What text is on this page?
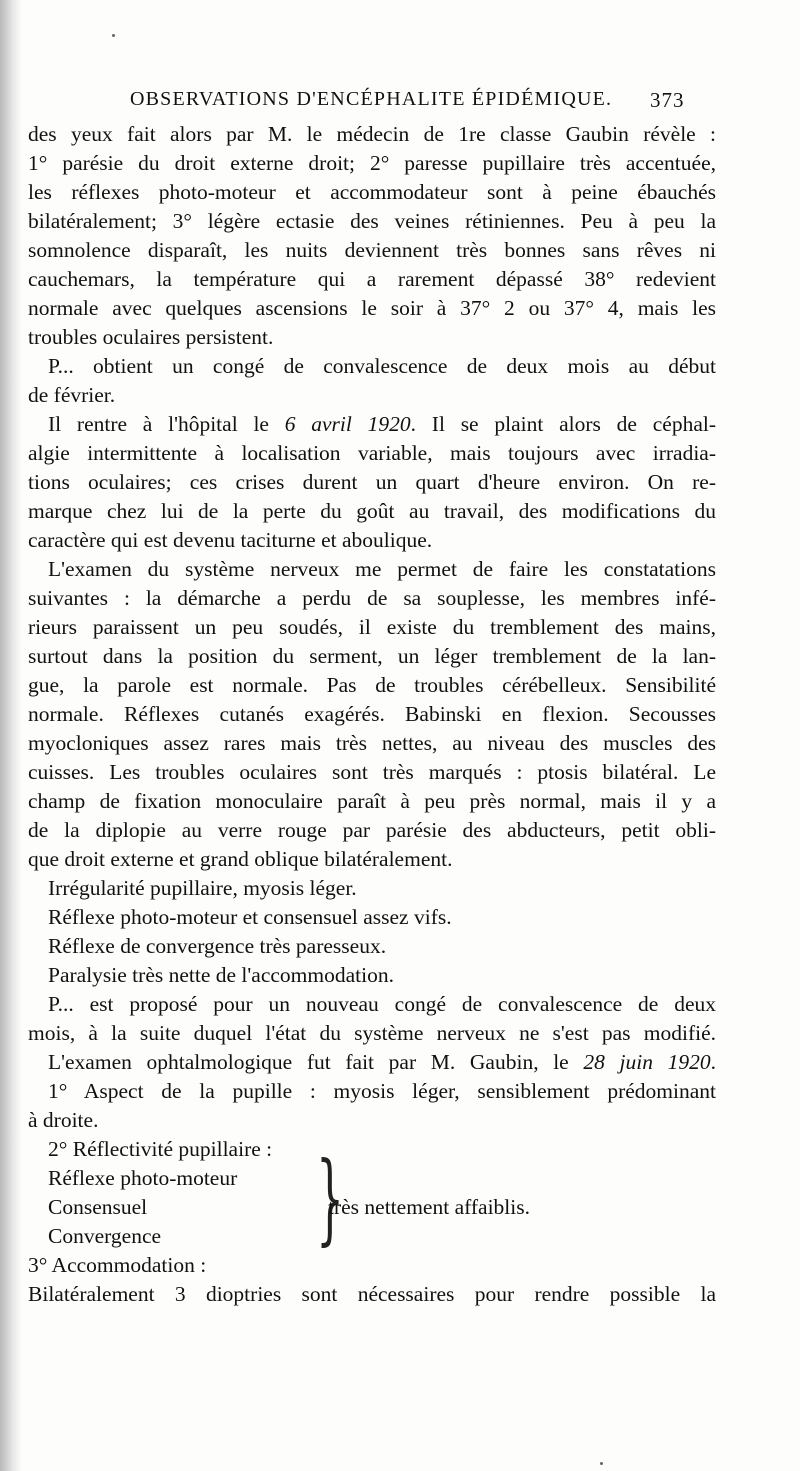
OBSERVATIONS D'ENCÉPHALITE ÉPIDÉMIQUE. 373
des yeux fait alors par M. le médecin de 1re classe Gaubin révèle :
1° parésie du droit externe droit; 2° paresse pupillaire très accentuée,
les réflexes photo-moteur et accommodateur sont à peine ébauchés
bilatéralement; 3° légère ectasie des veines rétiniennes. Peu à peu la
somnolence disparaît, les nuits deviennent très bonnes sans rêves ni
cauchemars, la température qui a rarement dépassé 38° redevient
normale avec quelques ascensions le soir à 37° 2 ou 37° 4, mais les
troubles oculaires persistent.
P... obtient un congé de convalescence de deux mois au début
de février.
Il rentre à l'hôpital le 6 avril 1920. Il se plaint alors de céphal-
algie intermittente à localisation variable, mais toujours avec irradia-
tions oculaires; ces crises durent un quart d'heure environ. On re-
marque chez lui de la perte du goût au travail, des modifications du
caractère qui est devenu taciturne et aboulique.
L'examen du système nerveux me permet de faire les constatations
suivantes : la démarche a perdu de sa souplesse, les membres infé-
rieurs paraissent un peu soudés, il existe du tremblement des mains,
surtout dans la position du serment, un léger tremblement de la lan-
gue, la parole est normale. Pas de troubles cérébelleux. Sensibilité
normale. Réflexes cutanés exagérés. Babinski en flexion. Secousses
myocloniques assez rares mais très nettes, au niveau des muscles des
cuisses. Les troubles oculaires sont très marqués : ptosis bilatéral. Le
champ de fixation monoculaire paraît à peu près normal, mais il y a
de la diplopie au verre rouge par parésie des abducteurs, petit obli-
que droit externe et grand oblique bilatéralement.
Irrégularité pupillaire, myosis léger.
Réflexe photo-moteur et consensuel assez vifs.
Réflexe de convergence très paresseux.
Paralysie très nette de l'accommodation.
P... est proposé pour un nouveau congé de convalescence de deux
mois, à la suite duquel l'état du système nerveux ne s'est pas modifié.
L'examen ophtalmologique fut fait par M. Gaubin, le 28 juin 1920.
1° Aspect de la pupille : myosis léger, sensiblement prédominant
à droite.
2° Réflectivité pupillaire :
Réflexe photo-moteur
Consensuel
Convergence	}
très nettement affaiblis.
3° Accommodation :
Bilatéralement 3 dioptries sont nécessaires pour rendre possible la
